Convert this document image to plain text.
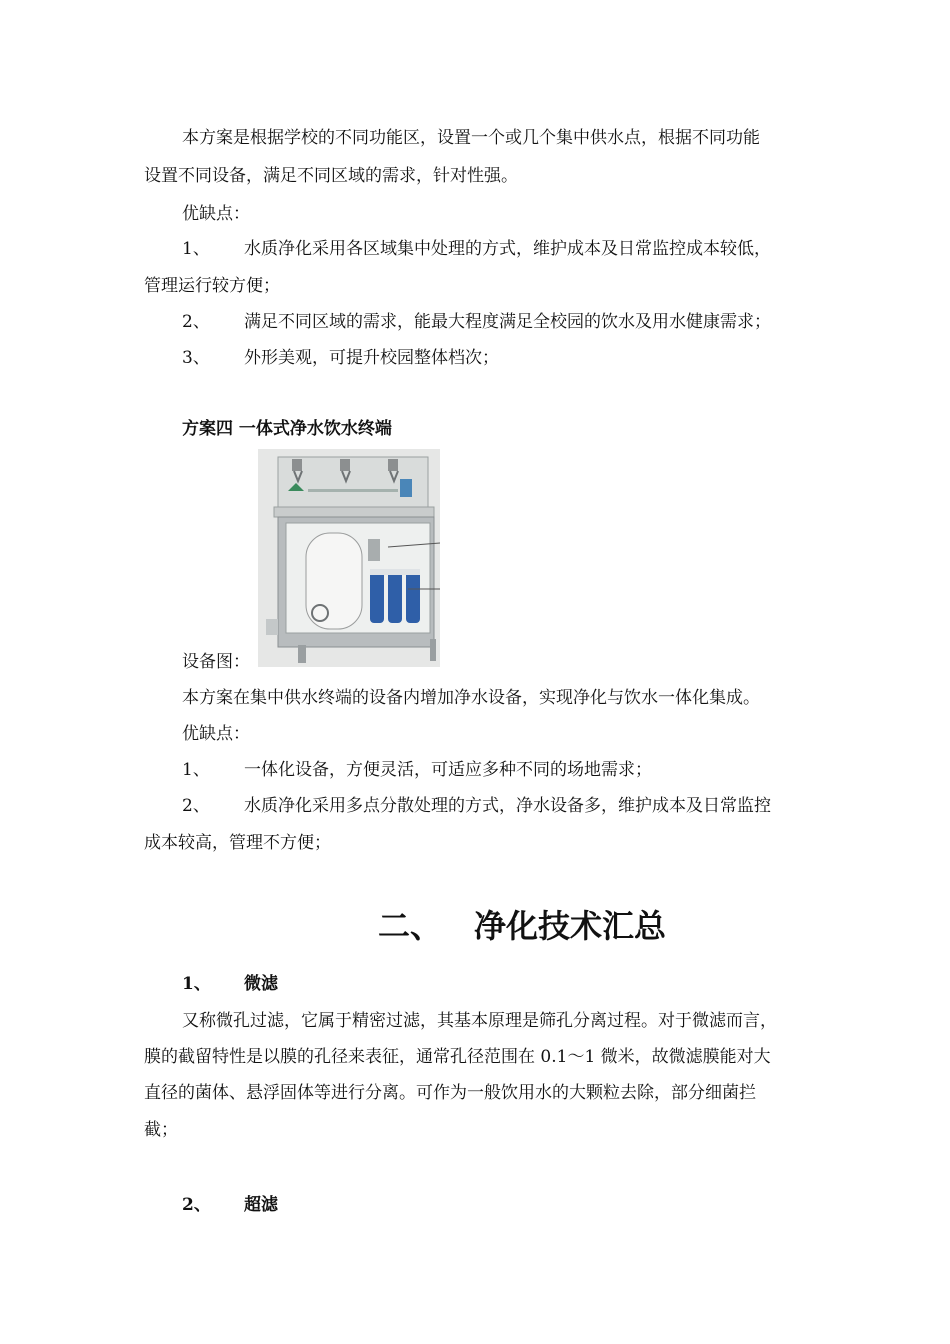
本方案是根据学校的不同功能区，设置一个或几个集中供水点，根据不同功能
设置不同设备，满足不同区域的需求，针对性强。
优缺点：
1、 水质净化采用各区域集中处理的方式，维护成本及日常监控成本较低，
管理运行较方便；
2、 满足不同区域的需求，能最大程度满足全校园的饮水及用水健康需求；
3、 外形美观，可提升校园整体档次；
方案四 一体式净水饮水终端
设备图：
本方案在集中供水终端的设备内增加净水设备，实现净化与饮水一体化集成。
优缺点：
1、 一体化设备，方便灵活，可适应多种不同的场地需求；
2、 水质净化采用多点分散处理的方式，净水设备多，维护成本及日常监控
成本较高，管理不方便；
二、 净化技术汇总
1、 微滤
又称微孔过滤，它属于精密过滤，其基本原理是筛孔分离过程。对于微滤而言，
膜的截留特性是以膜的孔径来表征，通常孔径范围在 0.1～1 微米，故微滤膜能对大
直径的菌体、悬浮固体等进行分离。可作为一般饮用水的大颗粒去除，部分细菌拦
截；
2、 超滤
